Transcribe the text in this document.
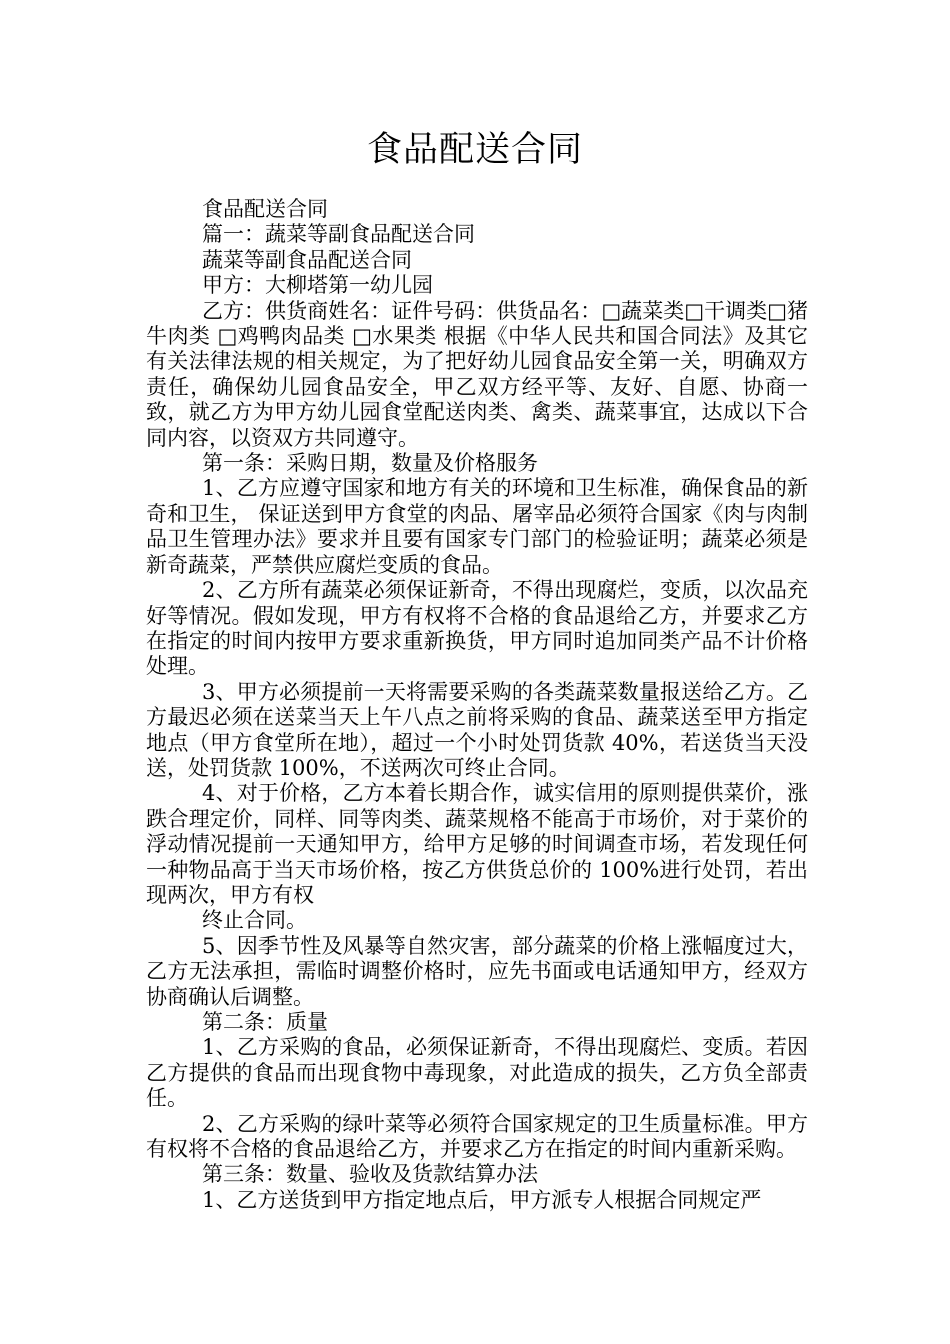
食品配送合同

食品配送合同

篇一：蔬菜等副食品配送合同

蔬菜等副食品配送合同

甲方：大柳塔第一幼儿园

乙方：供货商姓名：证件号码：供货品名：□蔬菜类□干调类□猪牛肉类 □鸡鸭肉品类 □水果类 根据《中华人民共和国合同法》及其它有关法律法规的相关规定，为了把好幼儿园食品安全第一关，明确双方责任，确保幼儿园食品安全，甲乙双方经平等、友好、自愿、协商一致，就乙方为甲方幼儿园食堂配送肉类、禽类、蔬菜事宜，达成以下合同内容，以资双方共同遵守。

第一条：采购日期，数量及价格服务

1、乙方应遵守国家和地方有关的环境和卫生标准，确保食品的新奇和卫生， 保证送到甲方食堂的肉品、屠宰品必须符合国家《肉与肉制品卫生管理办法》要求并且要有国家专门部门的检验证明；蔬菜必须是新奇蔬菜，严禁供应腐烂变质的食品。

2、乙方所有蔬菜必须保证新奇，不得出现腐烂，变质，以次品充好等情况。假如发现，甲方有权将不合格的食品退给乙方，并要求乙方在指定的时间内按甲方要求重新换货，甲方同时追加同类产品不计价格处理。

3、甲方必须提前一天将需要采购的各类蔬菜数量报送给乙方。乙方最迟必须在送菜当天上午八点之前将采购的食品、蔬菜送至甲方指定地点（甲方食堂所在地），超过一个小时处罚货款 40%，若送货当天没送，处罚货款 100%，不送两次可终止合同。

4、对于价格，乙方本着长期合作，诚实信用的原则提供菜价，涨跌合理定价，同样、同等肉类、蔬菜规格不能高于市场价，对于菜价的浮动情况提前一天通知甲方，给甲方足够的时间调查市场，若发现任何一种物品高于当天市场价格，按乙方供货总价的 100%进行处罚，若出现两次，甲方有权

终止合同。

5、因季节性及风暴等自然灾害，部分蔬菜的价格上涨幅度过大，乙方无法承担，需临时调整价格时，应先书面或电话通知甲方，经双方协商确认后调整。

第二条：质量

1、乙方采购的食品，必须保证新奇，不得出现腐烂、变质。若因乙方提供的食品而出现食物中毒现象，对此造成的损失，乙方负全部责任。

2、乙方采购的绿叶菜等必须符合国家规定的卫生质量标准。甲方有权将不合格的食品退给乙方，并要求乙方在指定的时间内重新采购。

第三条：数量、验收及货款结算办法

1、乙方送货到甲方指定地点后，甲方派专人根据合同规定严
